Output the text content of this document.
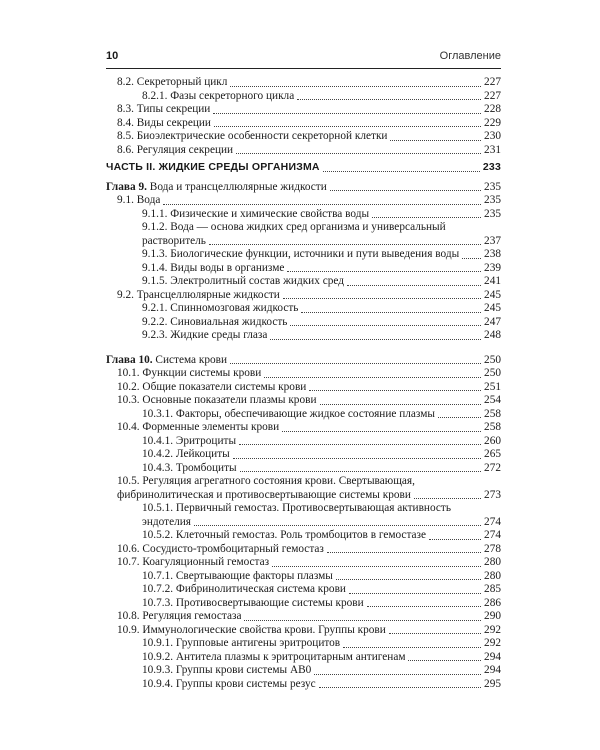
10	Оглавление
8.2. Секреторный цикл	227
8.2.1. Фазы секреторного цикла	227
8.3. Типы секреции	228
8.4. Виды секреции	229
8.5. Биоэлектрические особенности секреторной клетки	230
8.6. Регуляция секреции	231
ЧАСТЬ II. ЖИДКИЕ СРЕДЫ ОРГАНИЗМА	233
Глава 9. Вода и трансцеллюлярные жидкости	235
9.1. Вода	235
9.1.1. Физические и химические свойства воды	235
9.1.2. Вода — основа жидких сред организма и универсальный
растворитель	237
9.1.3. Биологические функции, источники и пути выведения воды 238
9.1.4. Виды воды в организме	239
9.1.5. Электролитный состав жидких сред	241
9.2. Трансцеллюлярные жидкости	245
9.2.1. Спинномозговая жидкость	245
9.2.2. Синовиальная жидкость	247
9.2.3. Жидкие среды глаза	248
Глава 10. Система крови	250
10.1. Функции системы крови	250
10.2. Общие показатели системы крови	251
10.3. Основные показатели плазмы крови	254
10.3.1. Факторы, обеспечивающие жидкое состояние плазмы	258
10.4. Форменные элементы крови	258
10.4.1. Эритроциты	260
10.4.2. Лейкоциты	265
10.4.3. Тромбоциты	272
10.5. Регуляция агрегатного состояния крови. Свертывающая,
фибринолитическая и противосвертывающие системы крови	273
10.5.1. Первичный гемостаз. Противосвертывающая активность
эндотелия	274
10.5.2. Клеточный гемостаз. Роль тромбоцитов в гемостазе	274
10.6. Сосудисто-тромбоцитарный гемостаз	278
10.7. Коагуляционный гемостаз	280
10.7.1. Свертывающие факторы плазмы	280
10.7.2. Фибринолитическая система крови	285
10.7.3. Противосвертывающие системы крови	286
10.8. Регуляция гемостаза	290
10.9. Иммунологические свойства крови. Группы крови	292
10.9.1. Групповые антигены эритроцитов	292
10.9.2. Антитела плазмы к эритроцитарным антигенам	294
10.9.3. Группы крови системы АВ0	294
10.9.4. Группы крови системы резус	295
